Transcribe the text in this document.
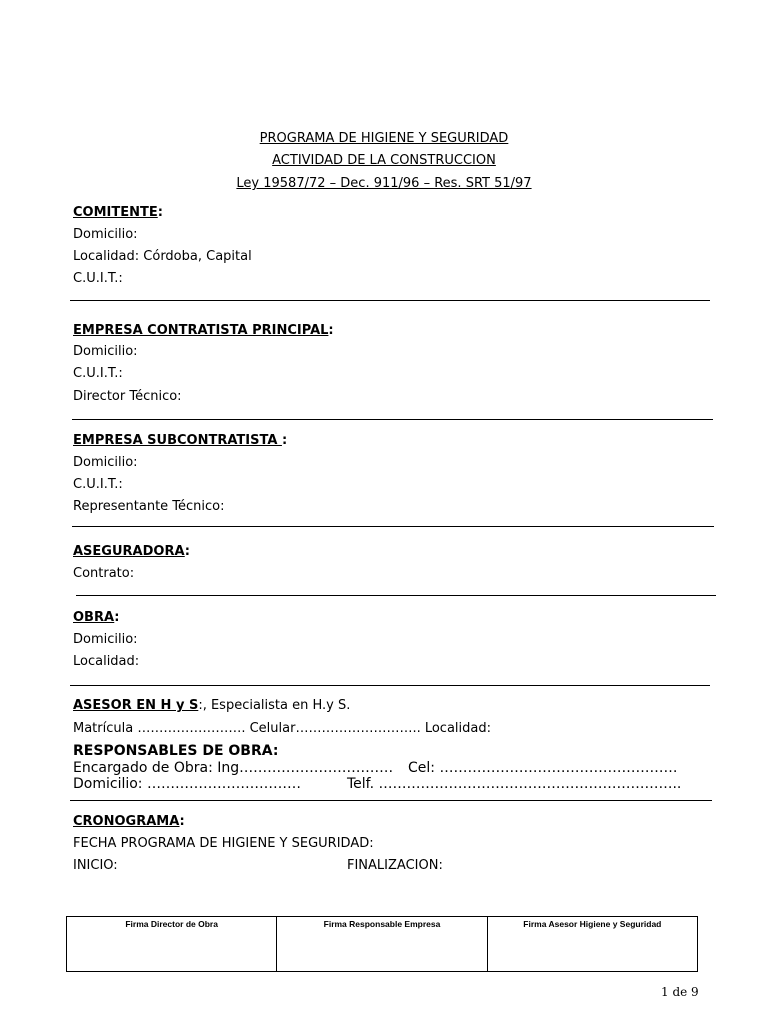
PROGRAMA DE HIGIENE Y SEGURIDAD
ACTIVIDAD DE LA CONSTRUCCION
Ley 19587/72 – Dec. 911/96 – Res. SRT 51/97
COMITENTE:
Domicilio:
Localidad: Córdoba, Capital
C.U.I.T.:
EMPRESA CONTRATISTA PRINCIPAL:
Domicilio:
C.U.I.T.:
Director Técnico:
EMPRESA SUBCONTRATISTA :
Domicilio:
C.U.I.T.:
Representante Técnico:
ASEGURADORA:
Contrato:
OBRA:
Domicilio:
Localidad:
ASESOR EN H y S:, Especialista en H.y S.
Matrícula ……………………. Celular……………………….. Localidad:
RESPONSABLES DE OBRA:
Encargado de Obra: Ing…………………………… Cel: ……………………………………………
Domicilio: ……………………………	Telf. ………………………………………………………..
CRONOGRAMA:
FECHA PROGRAMA DE HIGIENE Y SEGURIDAD:
INICIO:	FINALIZACION:
Firma Director de Obra	Firma Responsable Empresa	Firma Asesor Higiene y Seguridad
1 de 9
